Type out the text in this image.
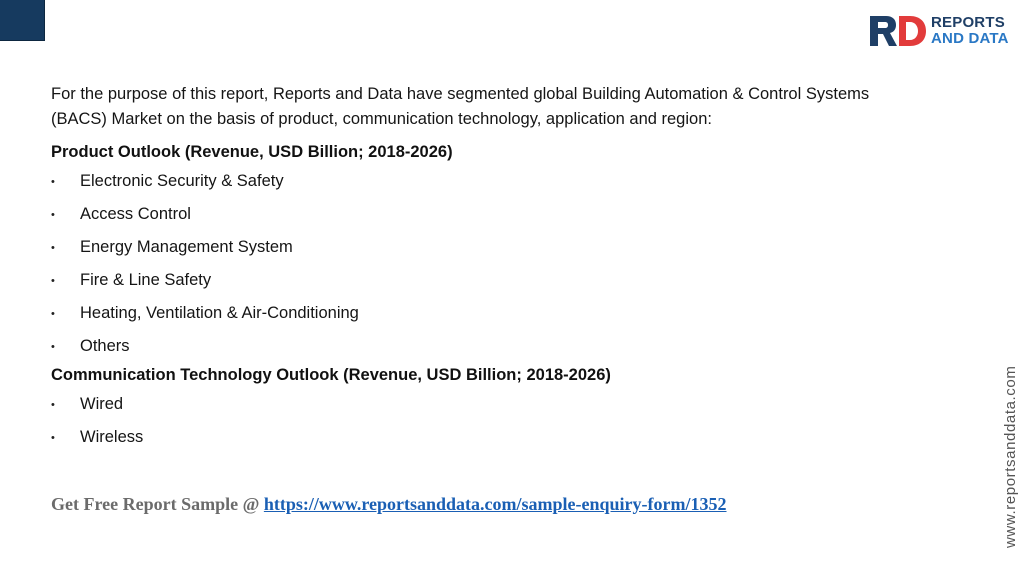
REPORTS
AND DATA

For the purpose of this report, Reports and Data have segmented global Building Automation & Control Systems (BACS) Market on the basis of product, communication technology, application and region:

Product Outlook (Revenue, USD Billion; 2018-2026)

• Electronic Security & Safety
• Access Control
• Energy Management System
• Fire & Line Safety
• Heating, Ventilation & Air-Conditioning
• Others

Communication Technology Outlook (Revenue, USD Billion; 2018-2026)

• Wired
• Wireless
Get Free Report Sample @ https://www.reportsanddata.com/sample-enquiry-form/1352	www.reportsanddata.com
